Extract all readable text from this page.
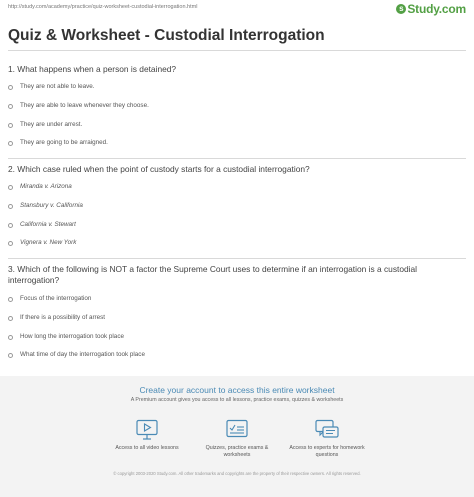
http://study.com/academy/practice/quiz-worksheet-custodial-interrogation.html	s Study.com
Quiz & Worksheet - Custodial Interrogation
1. What happens when a person is detained?
They are not able to leave.
They are able to leave whenever they choose.
They are under arrest.
They are going to be arraigned.
2. Which case ruled when the point of custody starts for a custodial interrogation?
Miranda v. Arizona
Stansbury v. California
California v. Stewart
Vignera v. New York
3. Which of the following is NOT a factor the Supreme Court uses to determine if an interrogation is a custodial interrogation?
Focus of the interrogation
If there is a possibility of arrest
How long the interrogation took place
What time of day the interrogation took place
Create your account to access this entire worksheet
A Premium account gives you access to all lessons, practice exams, quizzes & worksheets
Access to all video lessons	Quizzes, practice exams & worksheets
Access to experts for homework questions
© copyright 2003-2020 Study.com. All other trademarks and copyrights are the property of their respective owners. All rights reserved.
